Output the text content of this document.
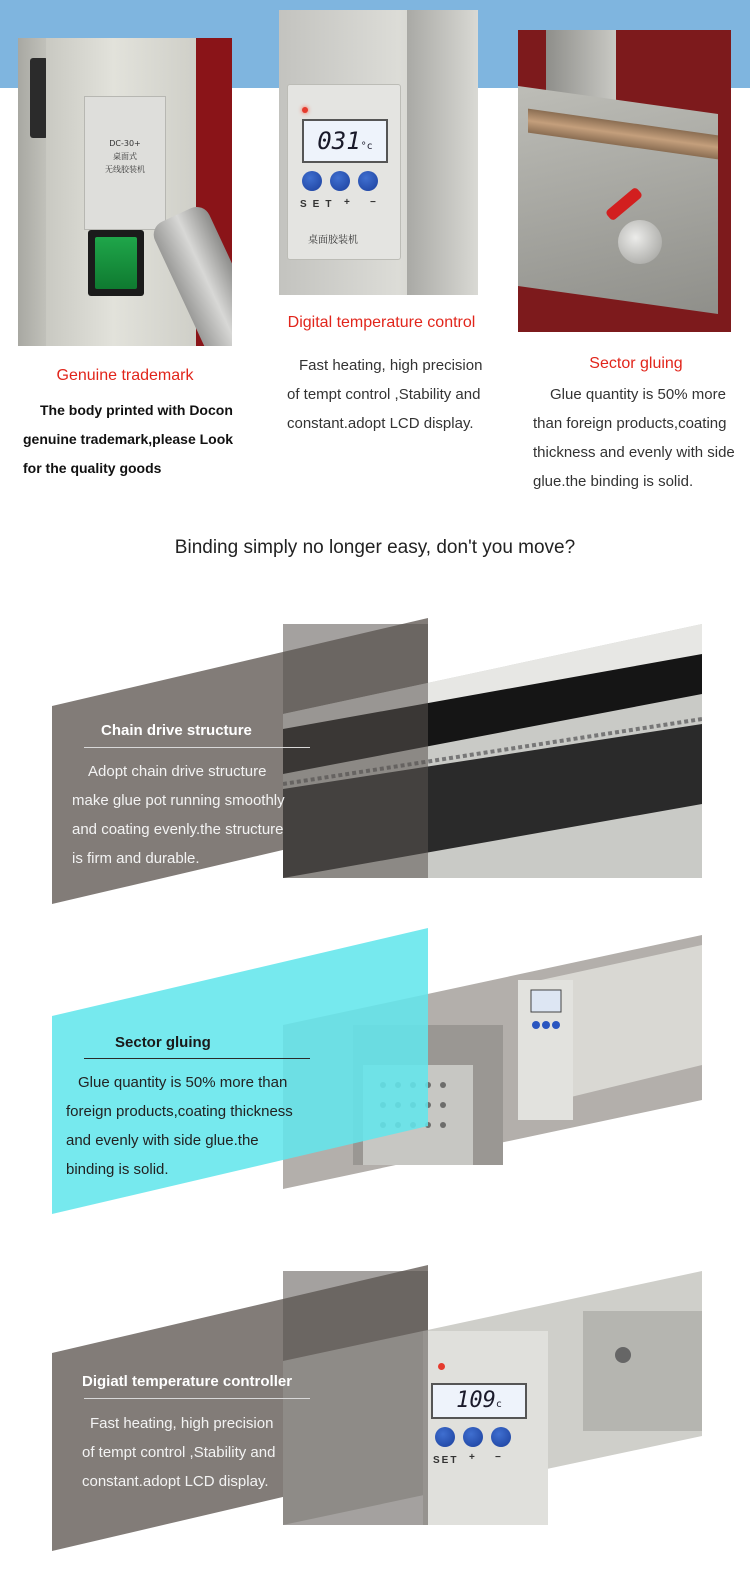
DC-30+
桌面式
无线胶装机
031°c
SET + −
桌面胶装机
Genuine trademark
The body printed with Docon
genuine trademark,please Look
for the quality goods
Digital temperature control
Fast heating, high precision
of tempt control ,Stability and
constant.adopt LCD display.
Sector gluing
Glue quantity is 50% more
than foreign products,coating
thickness and evenly with side
glue.the binding is solid.
Binding simply no longer easy, don't you move?
Chain drive structure
Adopt chain drive structure
make glue pot running smoothly
and coating evenly.the structure
is firm and durable.
Sector gluing
Glue quantity is 50% more than
foreign products,coating thickness
and evenly with side glue.the
binding is solid.
109c
SET + −
Digiatl temperature controller
Fast heating, high precision
of tempt control ,Stability and
constant.adopt LCD display.
